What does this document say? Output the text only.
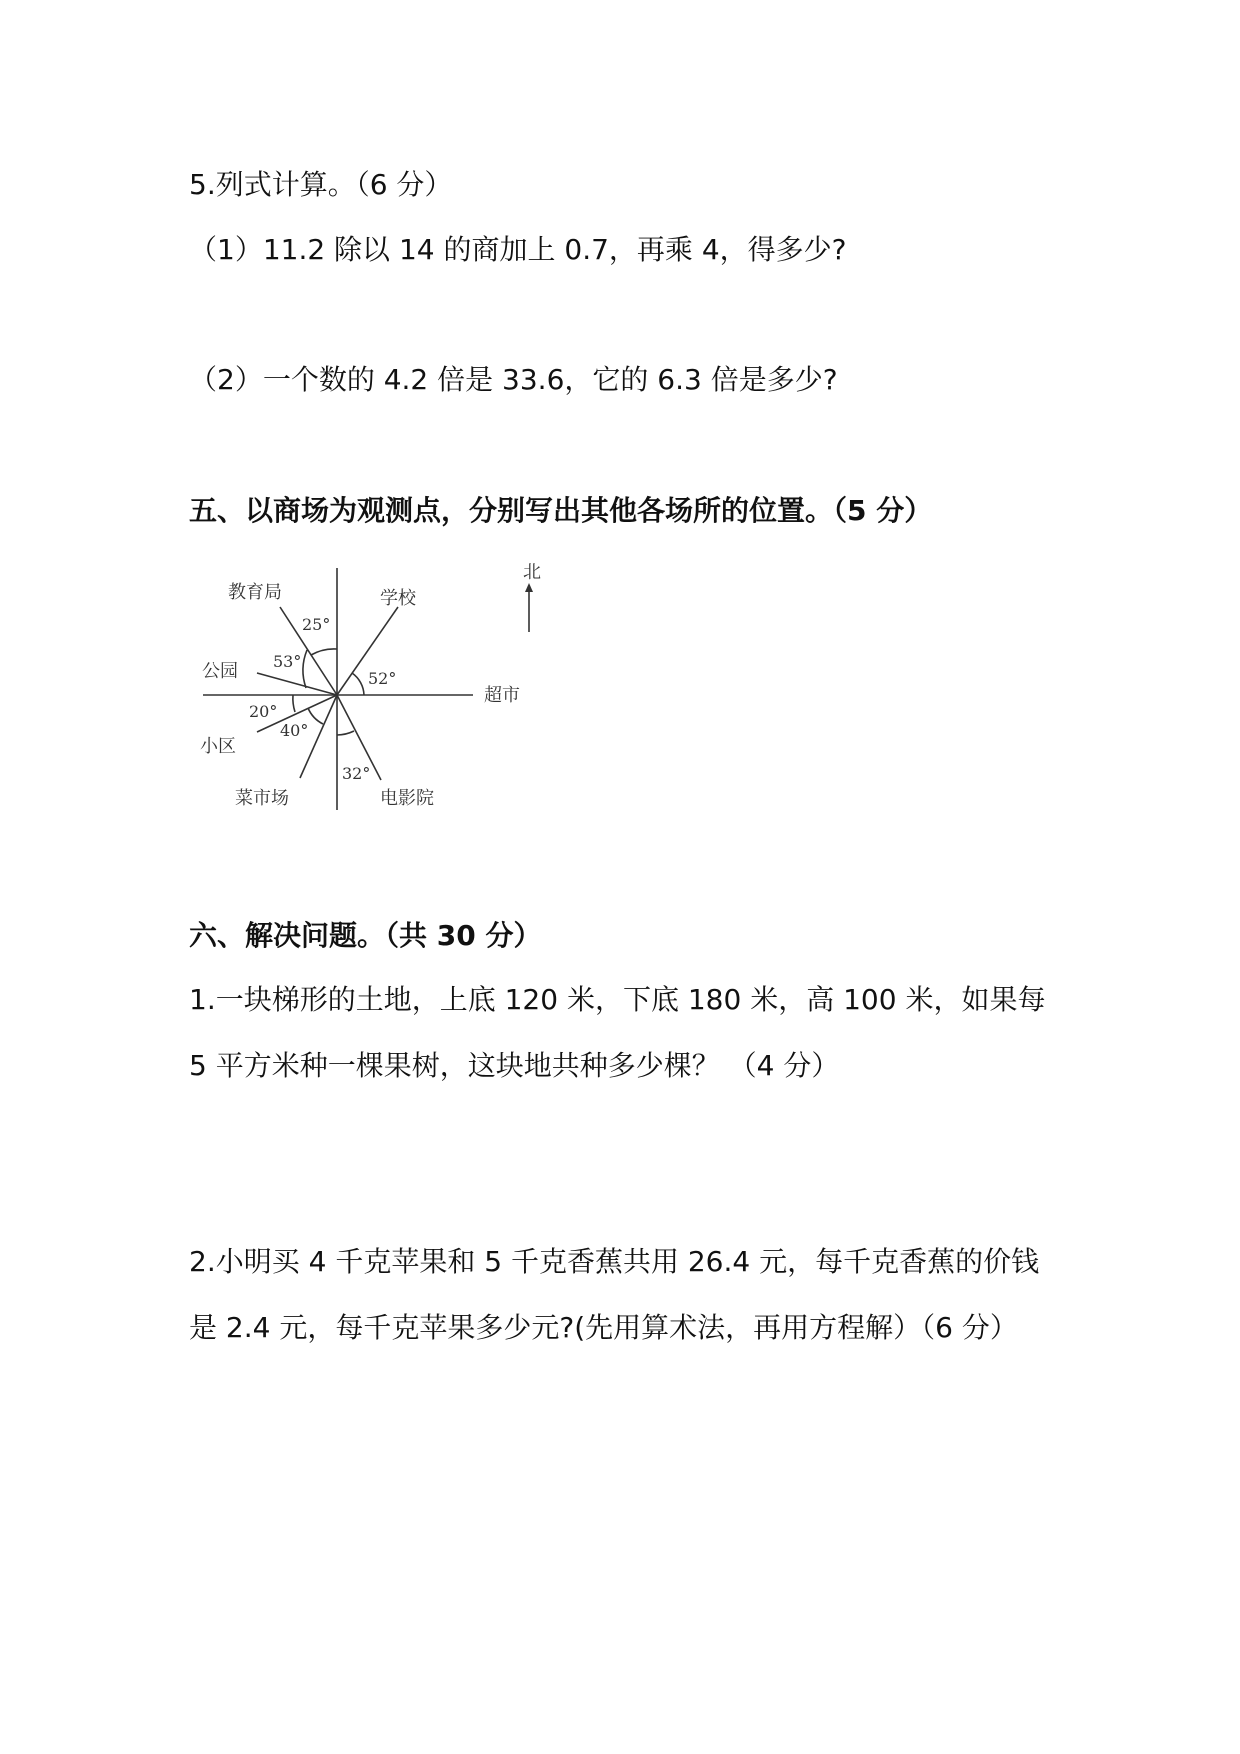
5.列式计算。（6 分）
（1）11.2 除以 14 的商加上 0.7，再乘 4，得多少?
（2）一个数的 4.2 倍是 33.6，它的 6.3 倍是多少?
五、以商场为观测点，分别写出其他各场所的位置。（5 分）
北
教育局	学校
公园
超市
小区
菜市场	电影院
25°
53°
52°
20°
40°
32°
六、解决问题。（共 30 分）
1.一块梯形的土地，上底 120 米，下底 180 米，高 100 米，如果每
5 平方米种一棵果树，这块地共种多少棵？ （4 分）
2.小明买 4 千克苹果和 5 千克香蕉共用 26.4 元，每千克香蕉的价钱
是 2.4 元，每千克苹果多少元?(先用算术法，再用方程解）（6 分）
